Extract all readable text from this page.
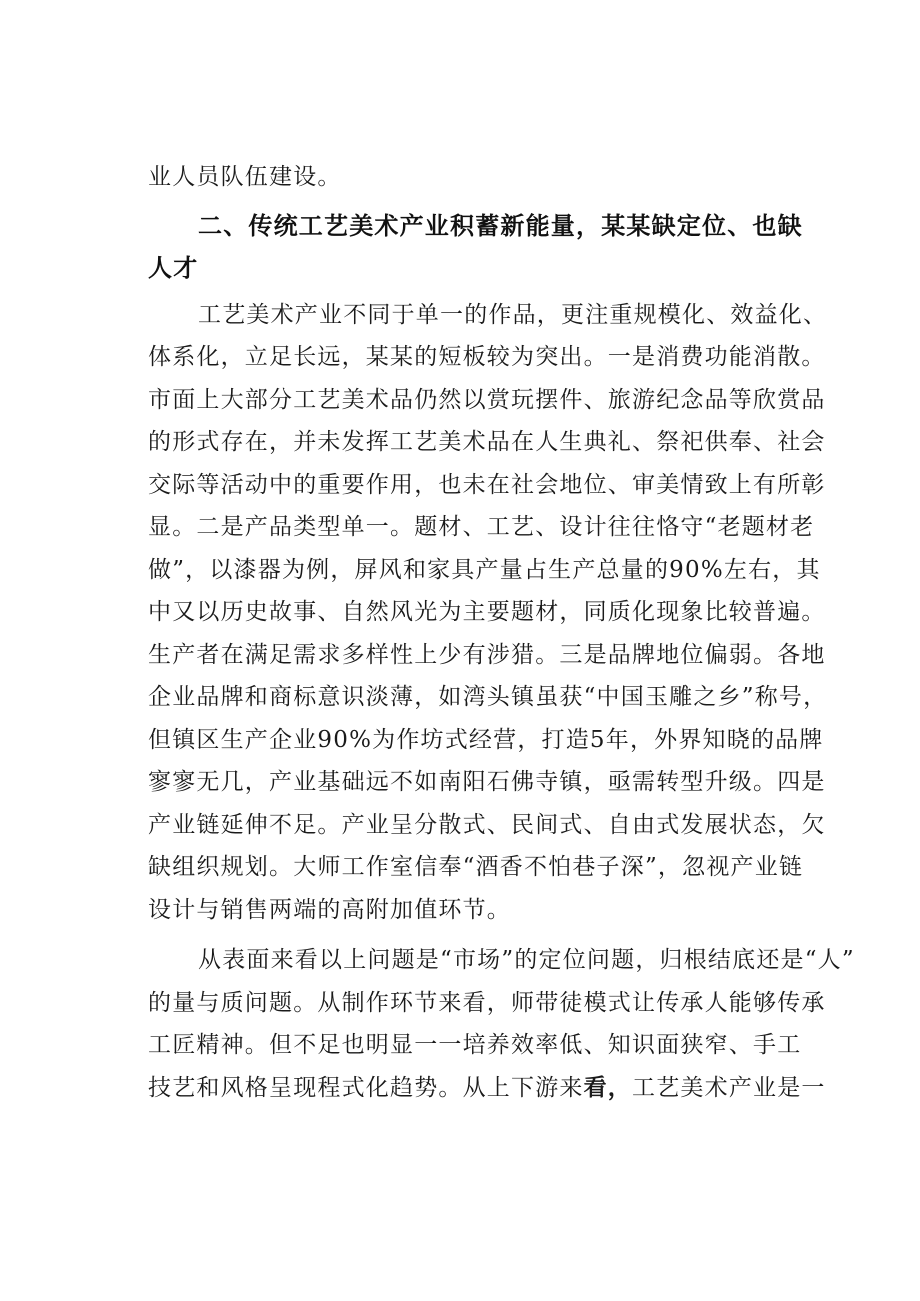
业人员队伍建设。
二、传统工艺美术产业积蓄新能量，某某缺定位、也缺
人才
工艺美术产业不同于单一的作品，更注重规模化、效益化、
体系化，立足长远，某某的短板较为突出。一是消费功能消散。
市面上大部分工艺美术品仍然以赏玩摆件、旅游纪念品等欣赏品
的形式存在，并未发挥工艺美术品在人生典礼、祭祀供奉、社会
交际等活动中的重要作用，也未在社会地位、审美情致上有所彰
显。二是产品类型单一。题材、工艺、设计往往恪守“老题材老
做”，以漆器为例，屏风和家具产量占生产总量的90%左右，其
中又以历史故事、自然风光为主要题材，同质化现象比较普遍。
生产者在满足需求多样性上少有涉猎。三是品牌地位偏弱。各地
企业品牌和商标意识淡薄，如湾头镇虽获“中国玉雕之乡”称号，
但镇区生产企业90%为作坊式经营，打造5年，外界知晓的品牌
寥寥无几，产业基础远不如南阳石佛寺镇，亟需转型升级。四是
产业链延伸不足。产业呈分散式、民间式、自由式发展状态，欠
缺组织规划。大师工作室信奉“酒香不怕巷子深”，忽视产业链
设计与销售两端的高附加值环节。
从表面来看以上问题是“市场”的定位问题，归根结底还是“人”
的量与质问题。从制作环节来看，师带徒模式让传承人能够传承
工匠精神。但不足也明显一一培养效率低、知识面狭窄、手工
技艺和风格呈现程式化趋势。从上下游来看，工艺美术产业是一
